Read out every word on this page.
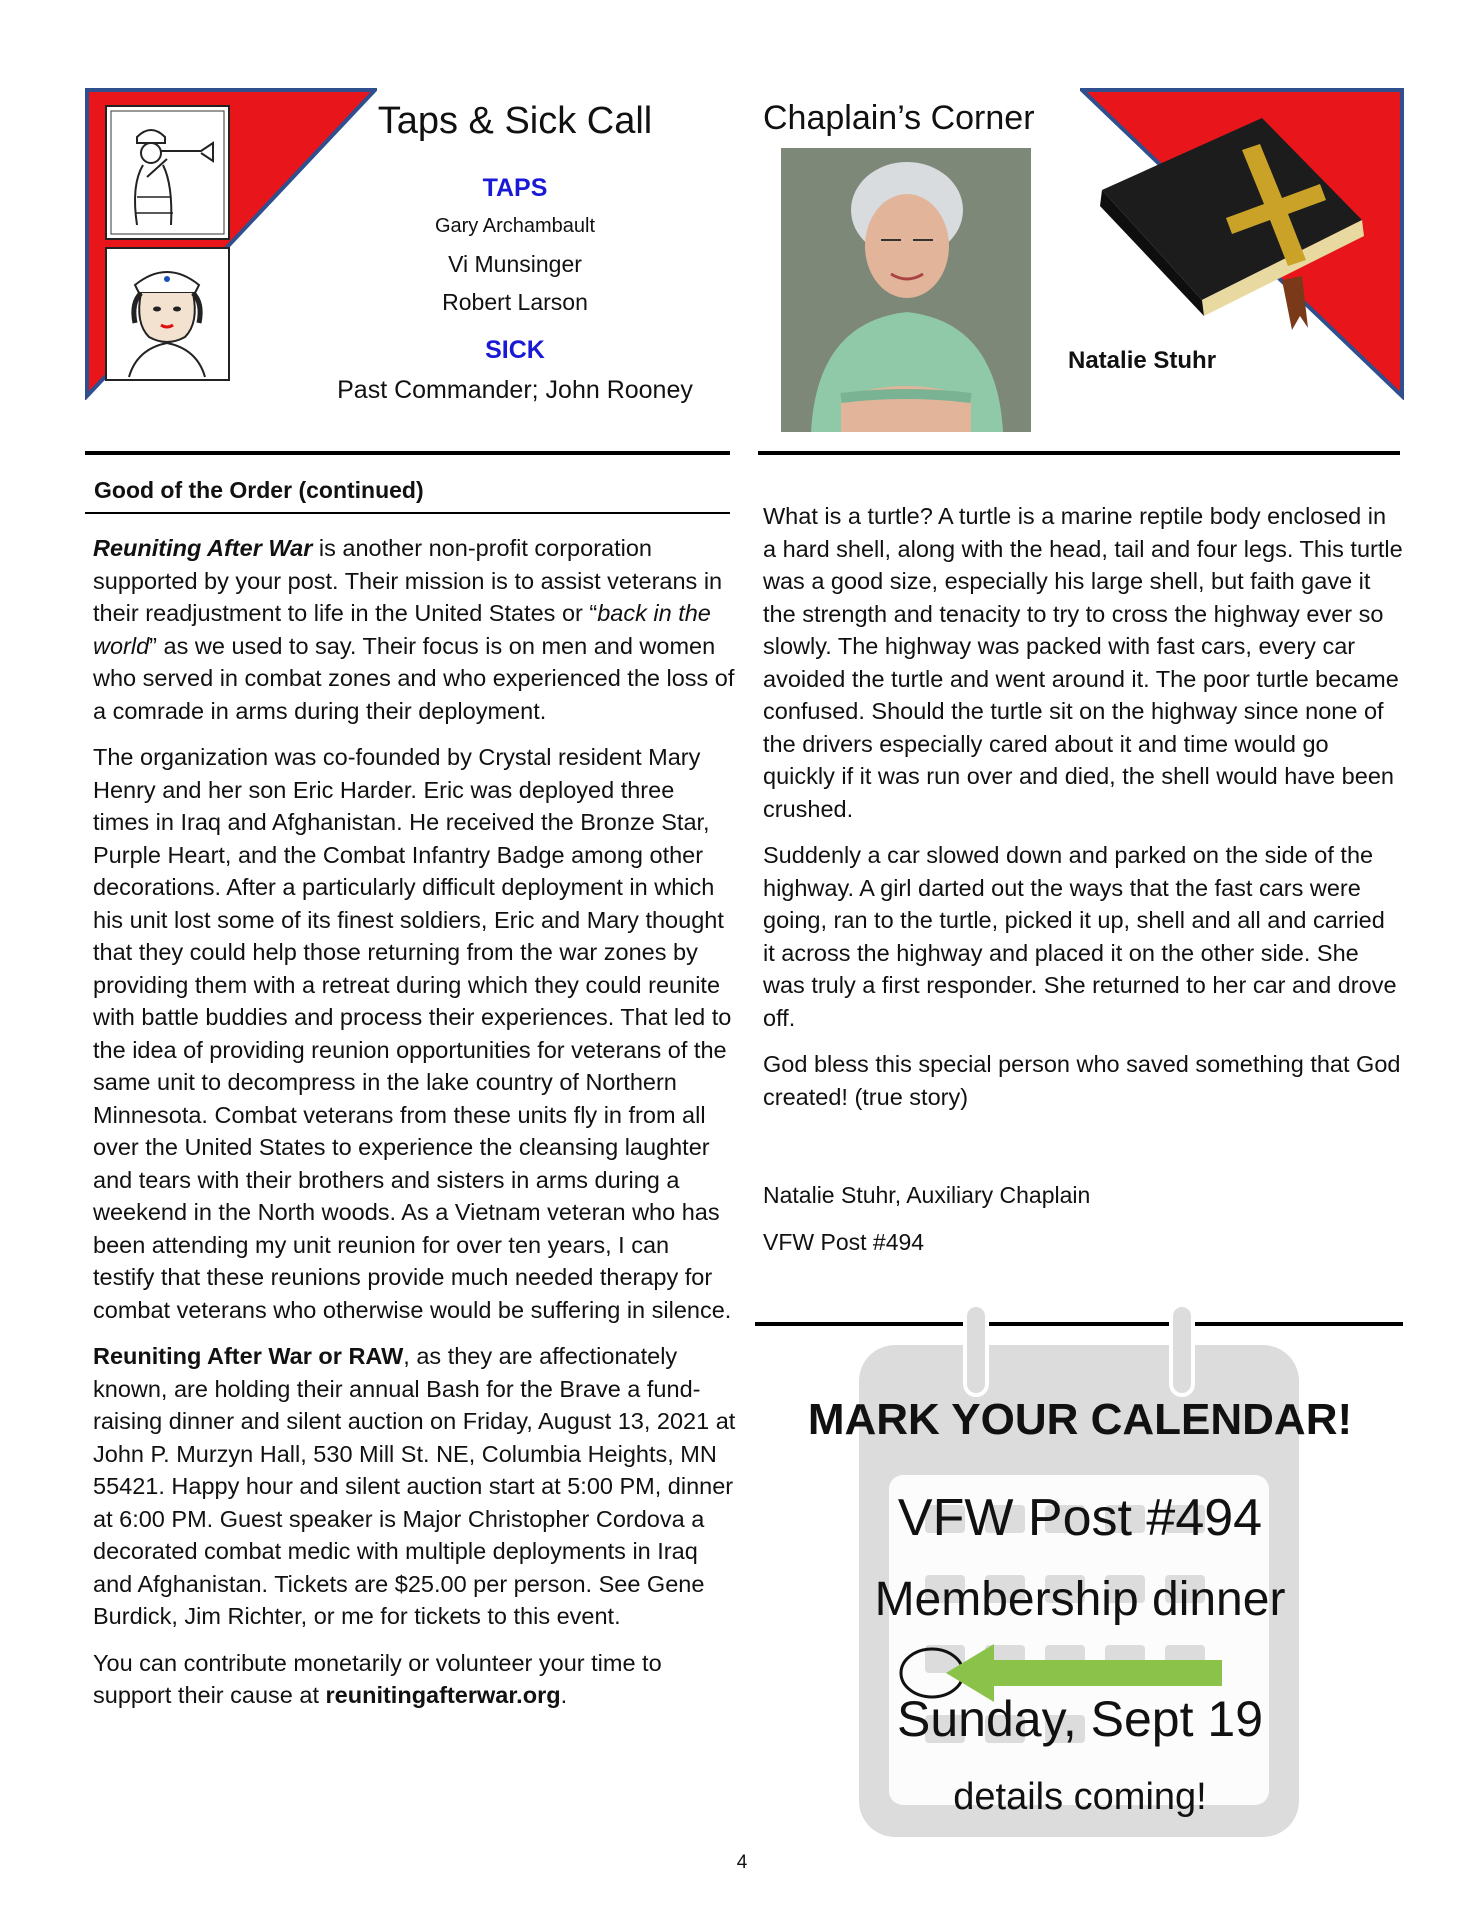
Taps & Sick Call
TAPS
Gary Archambault
Vi Munsinger
Robert Larson
SICK
Past Commander; John Rooney
Chaplain’s Corner
Natalie Stuhr
Good of the Order (continued)

Reuniting After War is another non-profit corporation supported by your post. Their mission is to assist veterans in their readjustment to life in the United States or “back in the world” as we used to say. Their focus is on men and women who served in combat zones and who experienced the loss of a comrade in arms during their deployment.

The organization was co-founded by Crystal resident Mary Henry and her son Eric Harder. Eric was deployed three times in Iraq and Afghanistan. He received the Bronze Star, Purple Heart, and the Combat Infantry Badge among other decorations. After a particularly difficult deployment in which his unit lost some of its finest soldiers, Eric and Mary thought that they could help those returning from the war zones by providing them with a retreat during which they could reunite with battle buddies and process their experiences. That led to the idea of providing reunion opportunities for veterans of the same unit to decompress in the lake country of Northern Minnesota. Combat veterans from these units fly in from all over the United States to experience the cleansing laughter and tears with their brothers and sisters in arms during a weekend in the North woods. As a Vietnam veteran who has been attending my unit reunion for over ten years, I can testify that these reunions provide much needed therapy for combat veterans who otherwise would be suffering in silence.

Reuniting After War or RAW, as they are affectionately known, are holding their annual Bash for the Brave a fund-raising dinner and silent auction on Friday, August 13, 2021 at John P. Murzyn Hall, 530 Mill St. NE, Columbia Heights, MN 55421. Happy hour and silent auction start at 5:00 PM, dinner at 6:00 PM. Guest speaker is Major Christopher Cordova a decorated combat medic with multiple deployments in Iraq and Afghanistan. Tickets are $25.00 per person. See Gene Burdick, Jim Richter, or me for tickets to this event.

You can contribute monetarily or volunteer your time to support their cause at reunitingafterwar.org.

What is a turtle? A turtle is a marine reptile body enclosed in a hard shell, along with the head, tail and four legs. This turtle was a good size, especially his large shell, but faith gave it the strength and tenacity to try to cross the highway ever so slowly. The highway was packed with fast cars, every car avoided the turtle and went around it. The poor turtle became confused. Should the turtle sit on the highway since none of the drivers especially cared about it and time would go quickly if it was run over and died, the shell would have been crushed.

Suddenly a car slowed down and parked on the side of the highway. A girl darted out the ways that the fast cars were going, ran to the turtle, picked it up, shell and all and carried it across the highway and placed it on the other side. She was truly a first responder. She returned to her car and drove off.

God bless this special person who saved something that God created! (true story)

Natalie Stuhr, Auxiliary Chaplain
VFW Post #494
MARK YOUR CALENDAR!
VFW Post #494
Membership dinner
Sunday, Sept 19
details coming!
4
